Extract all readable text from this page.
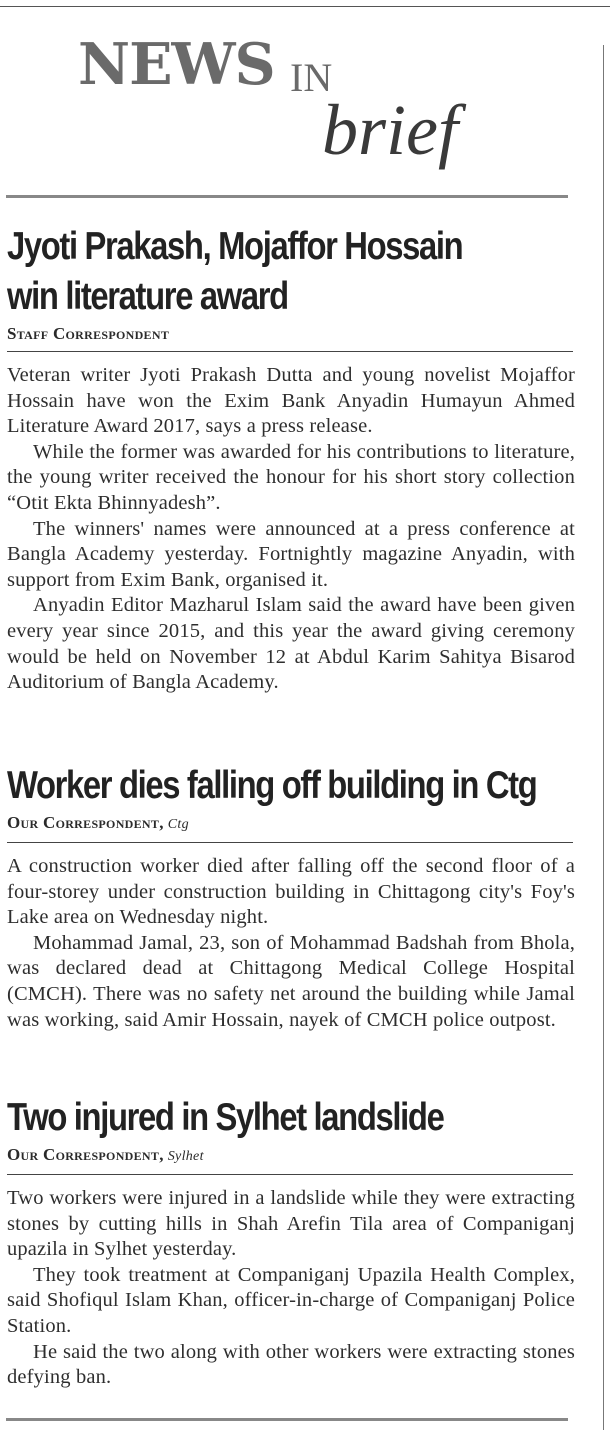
NEWS IN
brief
Jyoti Prakash, Mojaffor Hossain
win literature award
Staff Correspondent

Veteran writer Jyoti Prakash Dutta and young novelist Mojaffor Hossain have won the Exim Bank Anyadin Humayun Ahmed Literature Award 2017, says a press release.

While the former was awarded for his contributions to literature, the young writer received the honour for his short story collection “Otit Ekta Bhinnyadesh”.

The winners' names were announced at a press conference at Bangla Academy yesterday. Fortnightly magazine Anyadin, with support from Exim Bank, organised it.

Anyadin Editor Mazharul Islam said the award have been given every year since 2015, and this year the award giving ceremony would be held on November 12 at Abdul Karim Sahitya Bisarod Auditorium of Bangla Academy.

Worker dies falling off building in Ctg
Our Correspondent, Ctg

A construction worker died after falling off the second floor of a four-storey under construction building in Chittagong city's Foy's Lake area on Wednesday night.

Mohammad Jamal, 23, son of Mohammad Badshah from Bhola, was declared dead at Chittagong Medical College Hospital (CMCH). There was no safety net around the building while Jamal was working, said Amir Hossain, nayek of CMCH police outpost.

Two injured in Sylhet landslide
Our Correspondent, Sylhet

Two workers were injured in a landslide while they were extracting stones by cutting hills in Shah Arefin Tila area of Companiganj upazila in Sylhet yesterday.

They took treatment at Companiganj Upazila Health Complex, said Shofiqul Islam Khan, officer-in-charge of Companiganj Police Station.

He said the two along with other workers were extracting stones defying ban.
